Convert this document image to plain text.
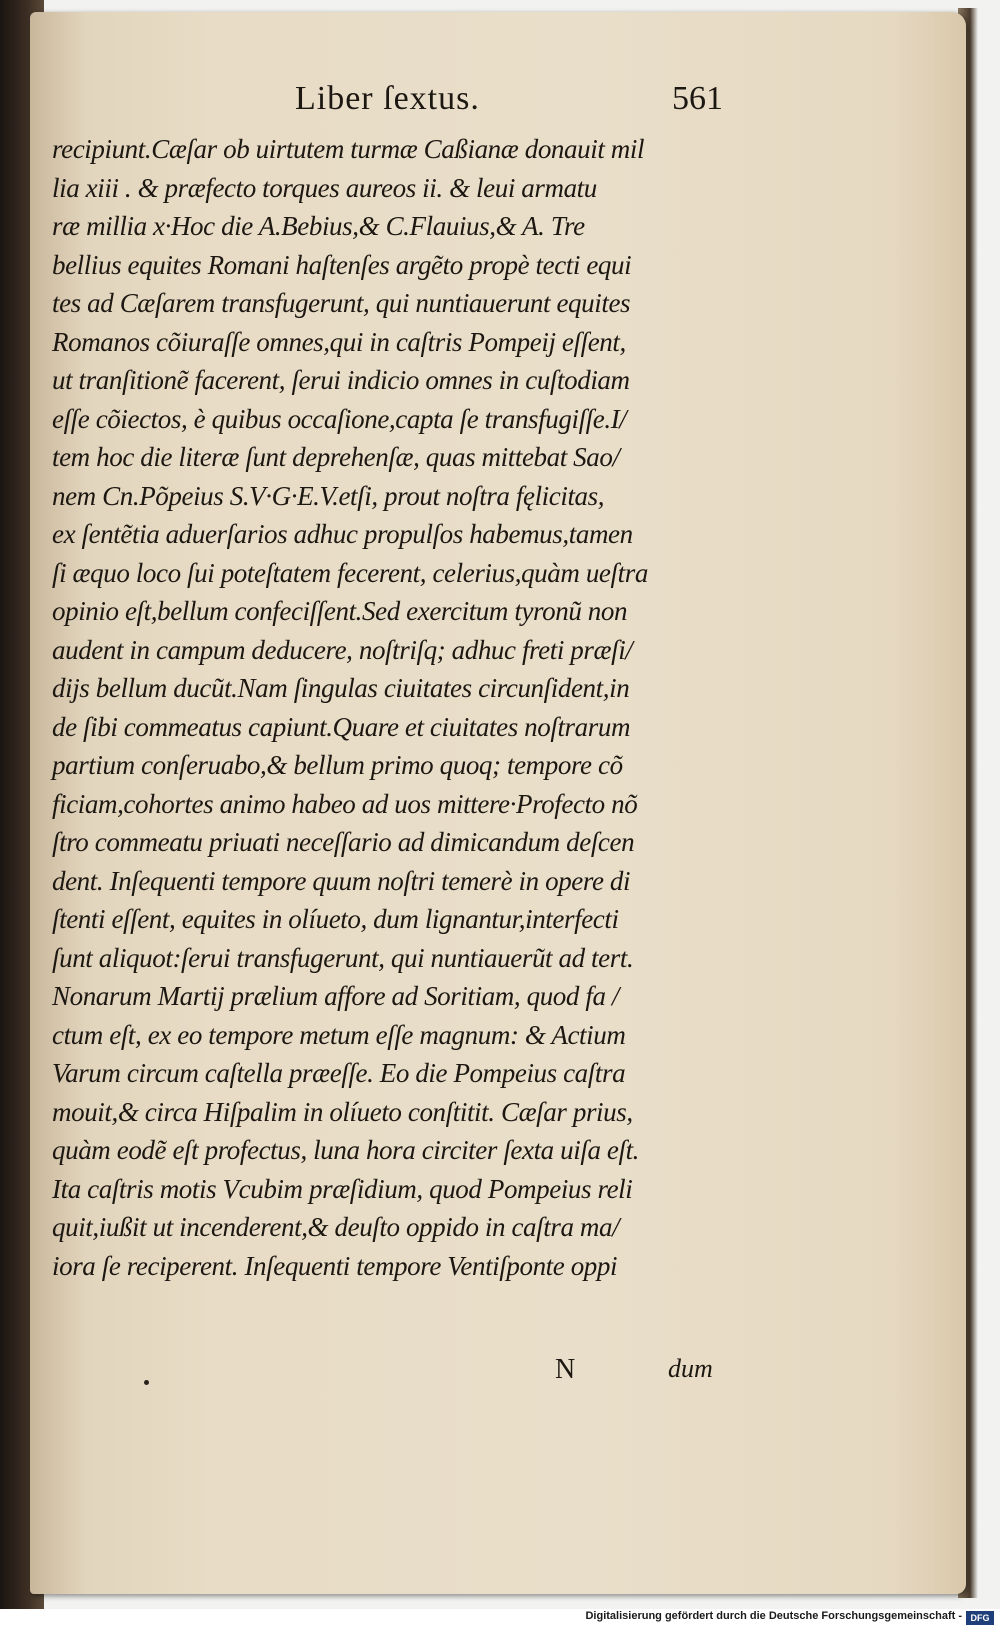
Liber ſextus.	561
recipiunt.Cæſar ob uirtutem turmæ Caßianæ donauit mil
lia xiii . & præfecto torques aureos ii. & leui armatu
ræ millia x·Hoc die A.Bebius,& C.Flauius,& A. Tre
bellius equites Romani haſtenſes argẽto propè tecti equi
tes ad Cæſarem transfugerunt, qui nuntiauerunt equites
Romanos cõiuraſſe omnes,qui in caſtris Pompeij eſſent,
ut tranſitionẽ facerent, ſerui indicio omnes in cuſtodiam
eſſe cõiectos, è quibus occaſione,capta ſe transfugiſſe.I/
tem hoc die literæ ſunt deprehenſæ, quas mittebat Sao/
nem Cn.Põpeius S.V·G·E.V.etſi, prout noſtra fęlicitas,
ex ſentẽtia aduerſarios adhuc propulſos habemus,tamen
ſi æquo loco ſui poteſtatem fecerent, celerius,quàm ueſtra
opinio eſt,bellum confeciſſent.Sed exercitum tyronũ non
audent in campum deducere, noſtriſq; adhuc freti præſi/
dijs bellum ducũt.Nam ſingulas ciuitates circunſident,in
de ſibi commeatus capiunt.Quare et ciuitates noſtrarum
partium conſeruabo,& bellum primo quoq; tempore cõ
ficiam,cohortes animo habeo ad uos mittere·Profecto nõ
ſtro commeatu priuati neceſſario ad dimicandum deſcen
dent. Inſequenti tempore quum noſtri temerè in opere di
ſtenti eſſent, equites in olíueto, dum lignantur,interfecti
ſunt aliquot:ſerui transfugerunt, qui nuntiauerũt ad tert.
Nonarum Martij prælium affore ad Soritiam, quod fa /
ctum eſt, ex eo tempore metum eſſe magnum: & Actium
Varum circum caſtella præeſſe. Eo die Pompeius caſtra
mouit,& circa Hiſpalim in olíueto conſtitit. Cæſar prius,
quàm eodẽ eſt profectus, luna hora circiter ſexta uiſa eſt.
Ita caſtris motis Vcubim præſidium, quod Pompeius reli
quit,iußit ut incenderent,& deuſto oppido in caſtra ma/
iora ſe reciperent. Inſequenti tempore Ventiſponte oppi
N	dum
Digitalisierung gefördert durch die Deutsche Forschungsgemeinschaft - DFG
